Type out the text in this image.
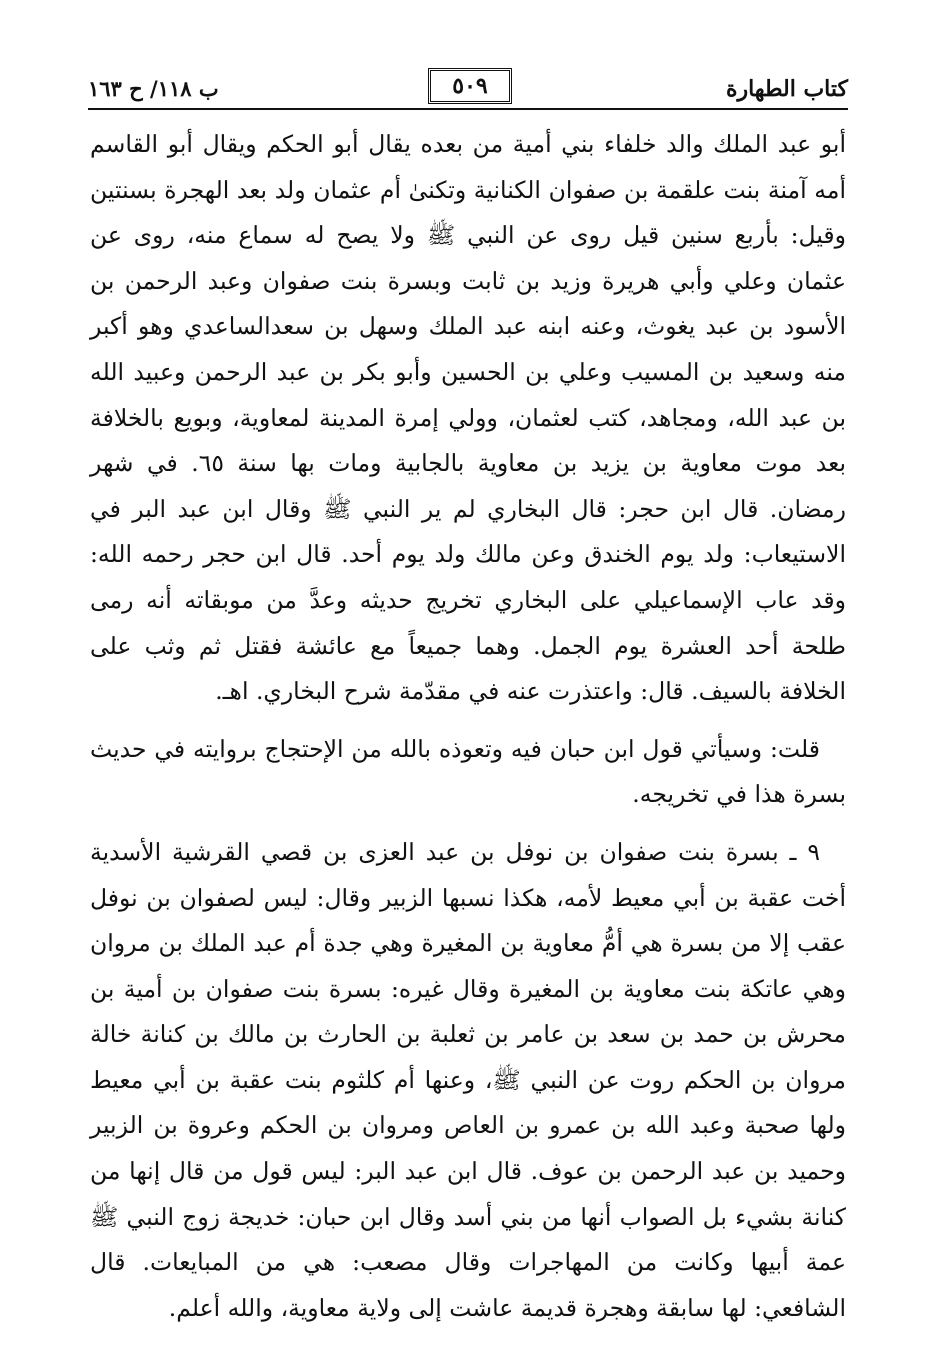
كتاب الطهارة
٥٠٩
ب ١١٨/ ح ١٦٣

أبو عبد الملك والد خلفاء بني أمية من بعده يقال أبو الحكم ويقال أبو القاسم أمه آمنة بنت علقمة بن صفوان الكنانية وتكنىٰ أم عثمان ولد بعد الهجرة بسنتين وقيل: بأربع سنين قيل روى عن النبي ﷺ ولا يصح له سماع منه، روى عن عثمان وعلي وأبي هريرة وزيد بن ثابت وبسرة بنت صفوان وعبد الرحمن بن الأسود بن عبد يغوث، وعنه ابنه عبد الملك وسهل بن سعدالساعدي وهو أكبر منه وسعيد بن المسيب وعلي بن الحسين وأبو بكر بن عبد الرحمن وعبيد الله بن عبد الله، ومجاهد، كتب لعثمان، وولي إمرة المدينة لمعاوية، وبويع بالخلافة بعد موت معاوية بن يزيد بن معاوية بالجابية ومات بها سنة ٦٥. في شهر رمضان. قال ابن حجر: قال البخاري لم ير النبي ﷺ وقال ابن عبد البر في الاستيعاب: ولد يوم الخندق وعن مالك ولد يوم أحد. قال ابن حجر رحمه الله: وقد عاب الإسماعيلي على البخاري تخريج حديثه وعدَّ من موبقاته أنه رمى طلحة أحد العشرة يوم الجمل. وهما جميعاً مع عائشة فقتل ثم وثب على الخلافة بالسيف. قال: واعتذرت عنه في مقدّمة شرح البخاري. اهـ.

قلت: وسيأتي قول ابن حبان فيه وتعوذه بالله من الإحتجاج بروايته في حديث بسرة هذا في تخريجه.

٩ ـ بسرة بنت صفوان بن نوفل بن عبد العزى بن قصي القرشية الأسدية أخت عقبة بن أبي معيط لأمه، هكذا نسبها الزبير وقال: ليس لصفوان بن نوفل عقب إلا من بسرة هي أمُّ معاوية بن المغيرة وهي جدة أم عبد الملك بن مروان وهي عاتكة بنت معاوية بن المغيرة وقال غيره: بسرة بنت صفوان بن أمية بن محرش بن حمد بن سعد بن عامر بن ثعلبة بن الحارث بن مالك بن كنانة خالة مروان بن الحكم روت عن النبي ﷺ، وعنها أم كلثوم بنت عقبة بن أبي معيط ولها صحبة وعبد الله بن عمرو بن العاص ومروان بن الحكم وعروة بن الزبير وحميد بن عبد الرحمن بن عوف. قال ابن عبد البر: ليس قول من قال إنها من كنانة بشيء بل الصواب أنها من بني أسد وقال ابن حبان: خديجة زوج النبي ﷺ عمة أبيها وكانت من المهاجرات وقال مصعب: هي من المبايعات. قال الشافعي: لها سابقة وهجرة قديمة عاشت إلى ولاية معاوية، والله أعلم.
